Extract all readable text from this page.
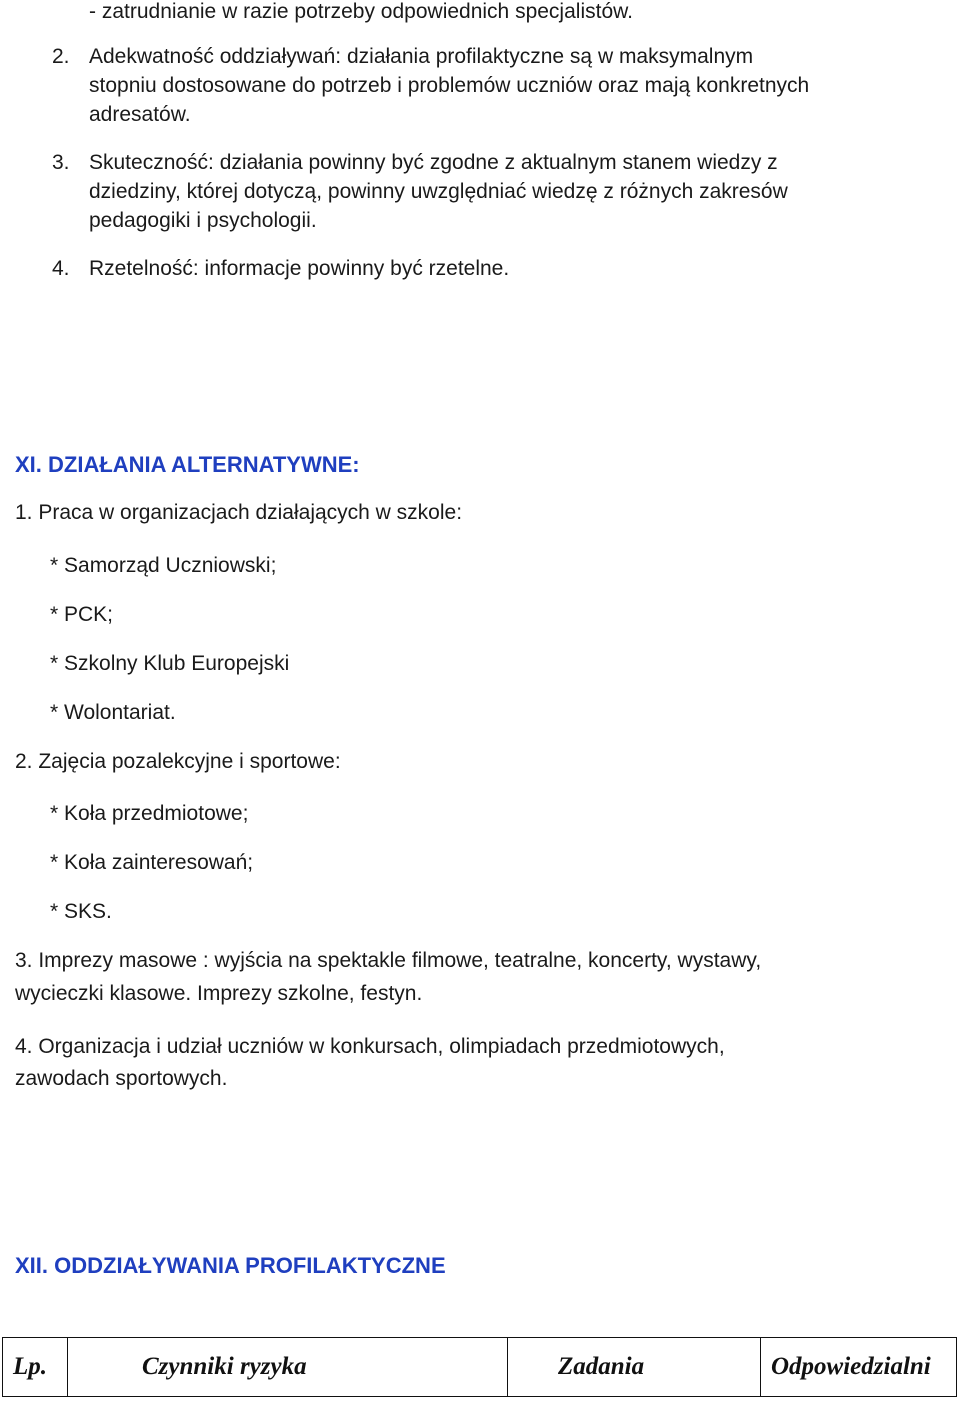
- zatrudnianie w razie potrzeby odpowiednich specjalistów.
2. Adekwatność oddziaływań: działania profilaktyczne są w maksymalnym
stopniu dostosowane do potrzeb i problemów uczniów oraz mają konkretnych
adresatów.
3. Skuteczność: działania powinny być zgodne z aktualnym stanem wiedzy z
dziedziny, której dotyczą, powinny uwzględniać wiedzę z różnych zakresów
pedagogiki i psychologii.
4. Rzetelność: informacje powinny być rzetelne.
XI. DZIAŁANIA ALTERNATYWNE:
1. Praca w organizacjach działających w szkole:
* Samorząd Uczniowski;
* PCK;
* Szkolny Klub Europejski
* Wolontariat.
2. Zajęcia pozalekcyjne i sportowe:
* Koła przedmiotowe;
* Koła zainteresowań;
* SKS.
3. Imprezy masowe : wyjścia na spektakle filmowe, teatralne, koncerty, wystawy,
wycieczki klasowe. Imprezy szkolne, festyn.
4. Organizacja i udział uczniów w konkursach, olimpiadach przedmiotowych,
zawodach sportowych.
XII. ODDZIAŁYWANIA PROFILAKTYCZNE
Lp.	Czynniki ryzyka	Zadania	Odpowiedzialni
